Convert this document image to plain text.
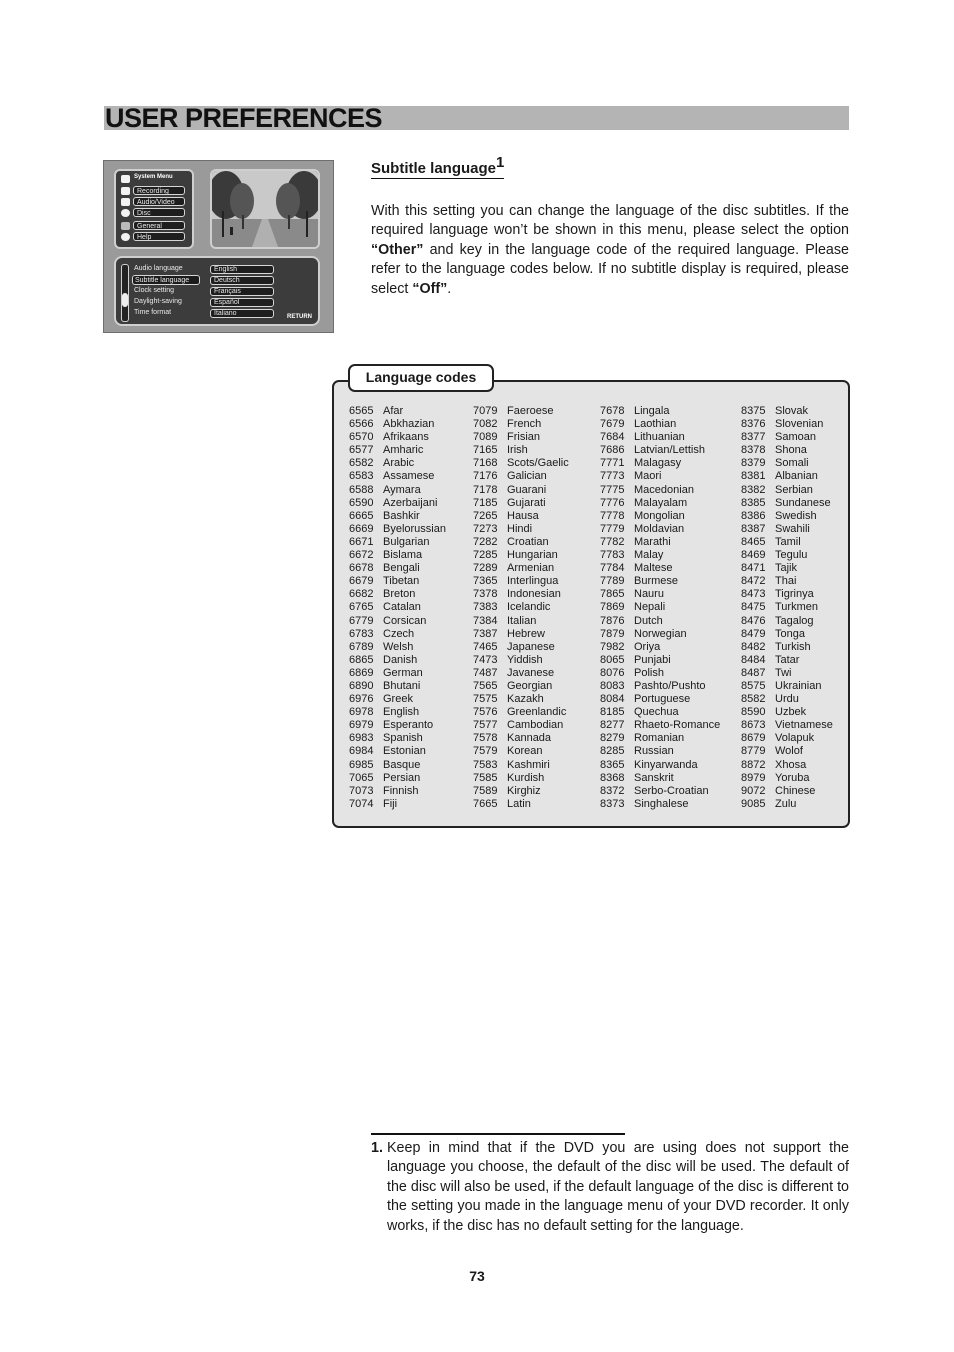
USER PREFERENCES
System Menu
Recording
Audio/Video
Disc
General
Help
Audio language
Subtitle language
Clock setting
Daylight-saving
Time format
English
Deutsch
Français
Español
Italiano	RETURN
Subtitle language$^1$

With this setting you can change the language of the disc subtitles. If the required language won’t be shown in this menu, please select the option “Other” and key in the language code of the required language. Please refer to the language codes below. If no subtitle display is required, please select “Off”.

Language codes
6565 Afar
6566 Abkhazian
6570 Afrikaans
6577 Amharic
6582 Arabic
6583 Assamese
6588 Aymara
6590 Azerbaijani
6665 Bashkir
6669 Byelorussian
6671 Bulgarian
6672 Bislama
6678 Bengali
6679 Tibetan
6682 Breton
6765 Catalan
6779 Corsican
6783 Czech
6789 Welsh
6865 Danish
6869 German
6890 Bhutani
6976 Greek
6978 English
6979 Esperanto
6983 Spanish
6984 Estonian
6985 Basque
7065 Persian
7073 Finnish
7074 Fiji
7079 Faeroese
7082 French
7089 Frisian
7165 Irish
7168 Scots/Gaelic
7176 Galician
7178 Guarani
7185 Gujarati
7265 Hausa
7273 Hindi
7282 Croatian
7285 Hungarian
7289 Armenian
7365 Interlingua
7378 Indonesian
7383 Icelandic
7384 Italian
7387 Hebrew
7465 Japanese
7473 Yiddish
7487 Javanese
7565 Georgian
7575 Kazakh
7576 Greenlandic
7577 Cambodian
7578 Kannada
7579 Korean
7583 Kashmiri
7585 Kurdish
7589 Kirghiz
7665 Latin
7678 Lingala
7679 Laothian
7684 Lithuanian
7686 Latvian/Lettish
7771 Malagasy
7773 Maori
7775 Macedonian
7776 Malayalam
7778 Mongolian
7779 Moldavian
7782 Marathi
7783 Malay
7784 Maltese
7789 Burmese
7865 Nauru
7869 Nepali
7876 Dutch
7879 Norwegian
7982 Oriya
8065 Punjabi
8076 Polish
8083 Pashto/Pushto
8084 Portuguese
8185 Quechua
8277 Rhaeto-Romance
8279 Romanian
8285 Russian
8365 Kinyarwanda
8368 Sanskrit
8372 Serbo-Croatian
8373 Singhalese
8375 Slovak
8376 Slovenian
8377 Samoan
8378 Shona
8379 Somali
8381 Albanian
8382 Serbian
8385 Sundanese
8386 Swedish
8387 Swahili
8465 Tamil
8469 Tegulu
8471 Tajik
8472 Thai
8473 Tigrinya
8475 Turkmen
8476 Tagalog
8479 Tonga
8482 Turkish
8484 Tatar
8487 Twi
8575 Ukrainian
8582 Urdu
8590 Uzbek
8673 Vietnamese
8679 Volapuk
8779 Wolof
8872 Xhosa
8979 Yoruba
9072 Chinese
9085 Zulu
1. Keep in mind that if the DVD you are using does not support the language you choose, the default of the disc will be used. The default of the disc will also be used, if the default language of the disc is different to the setting you made in the language menu of your DVD recorder. It only works, if the disc has no default setting for the language.

73
